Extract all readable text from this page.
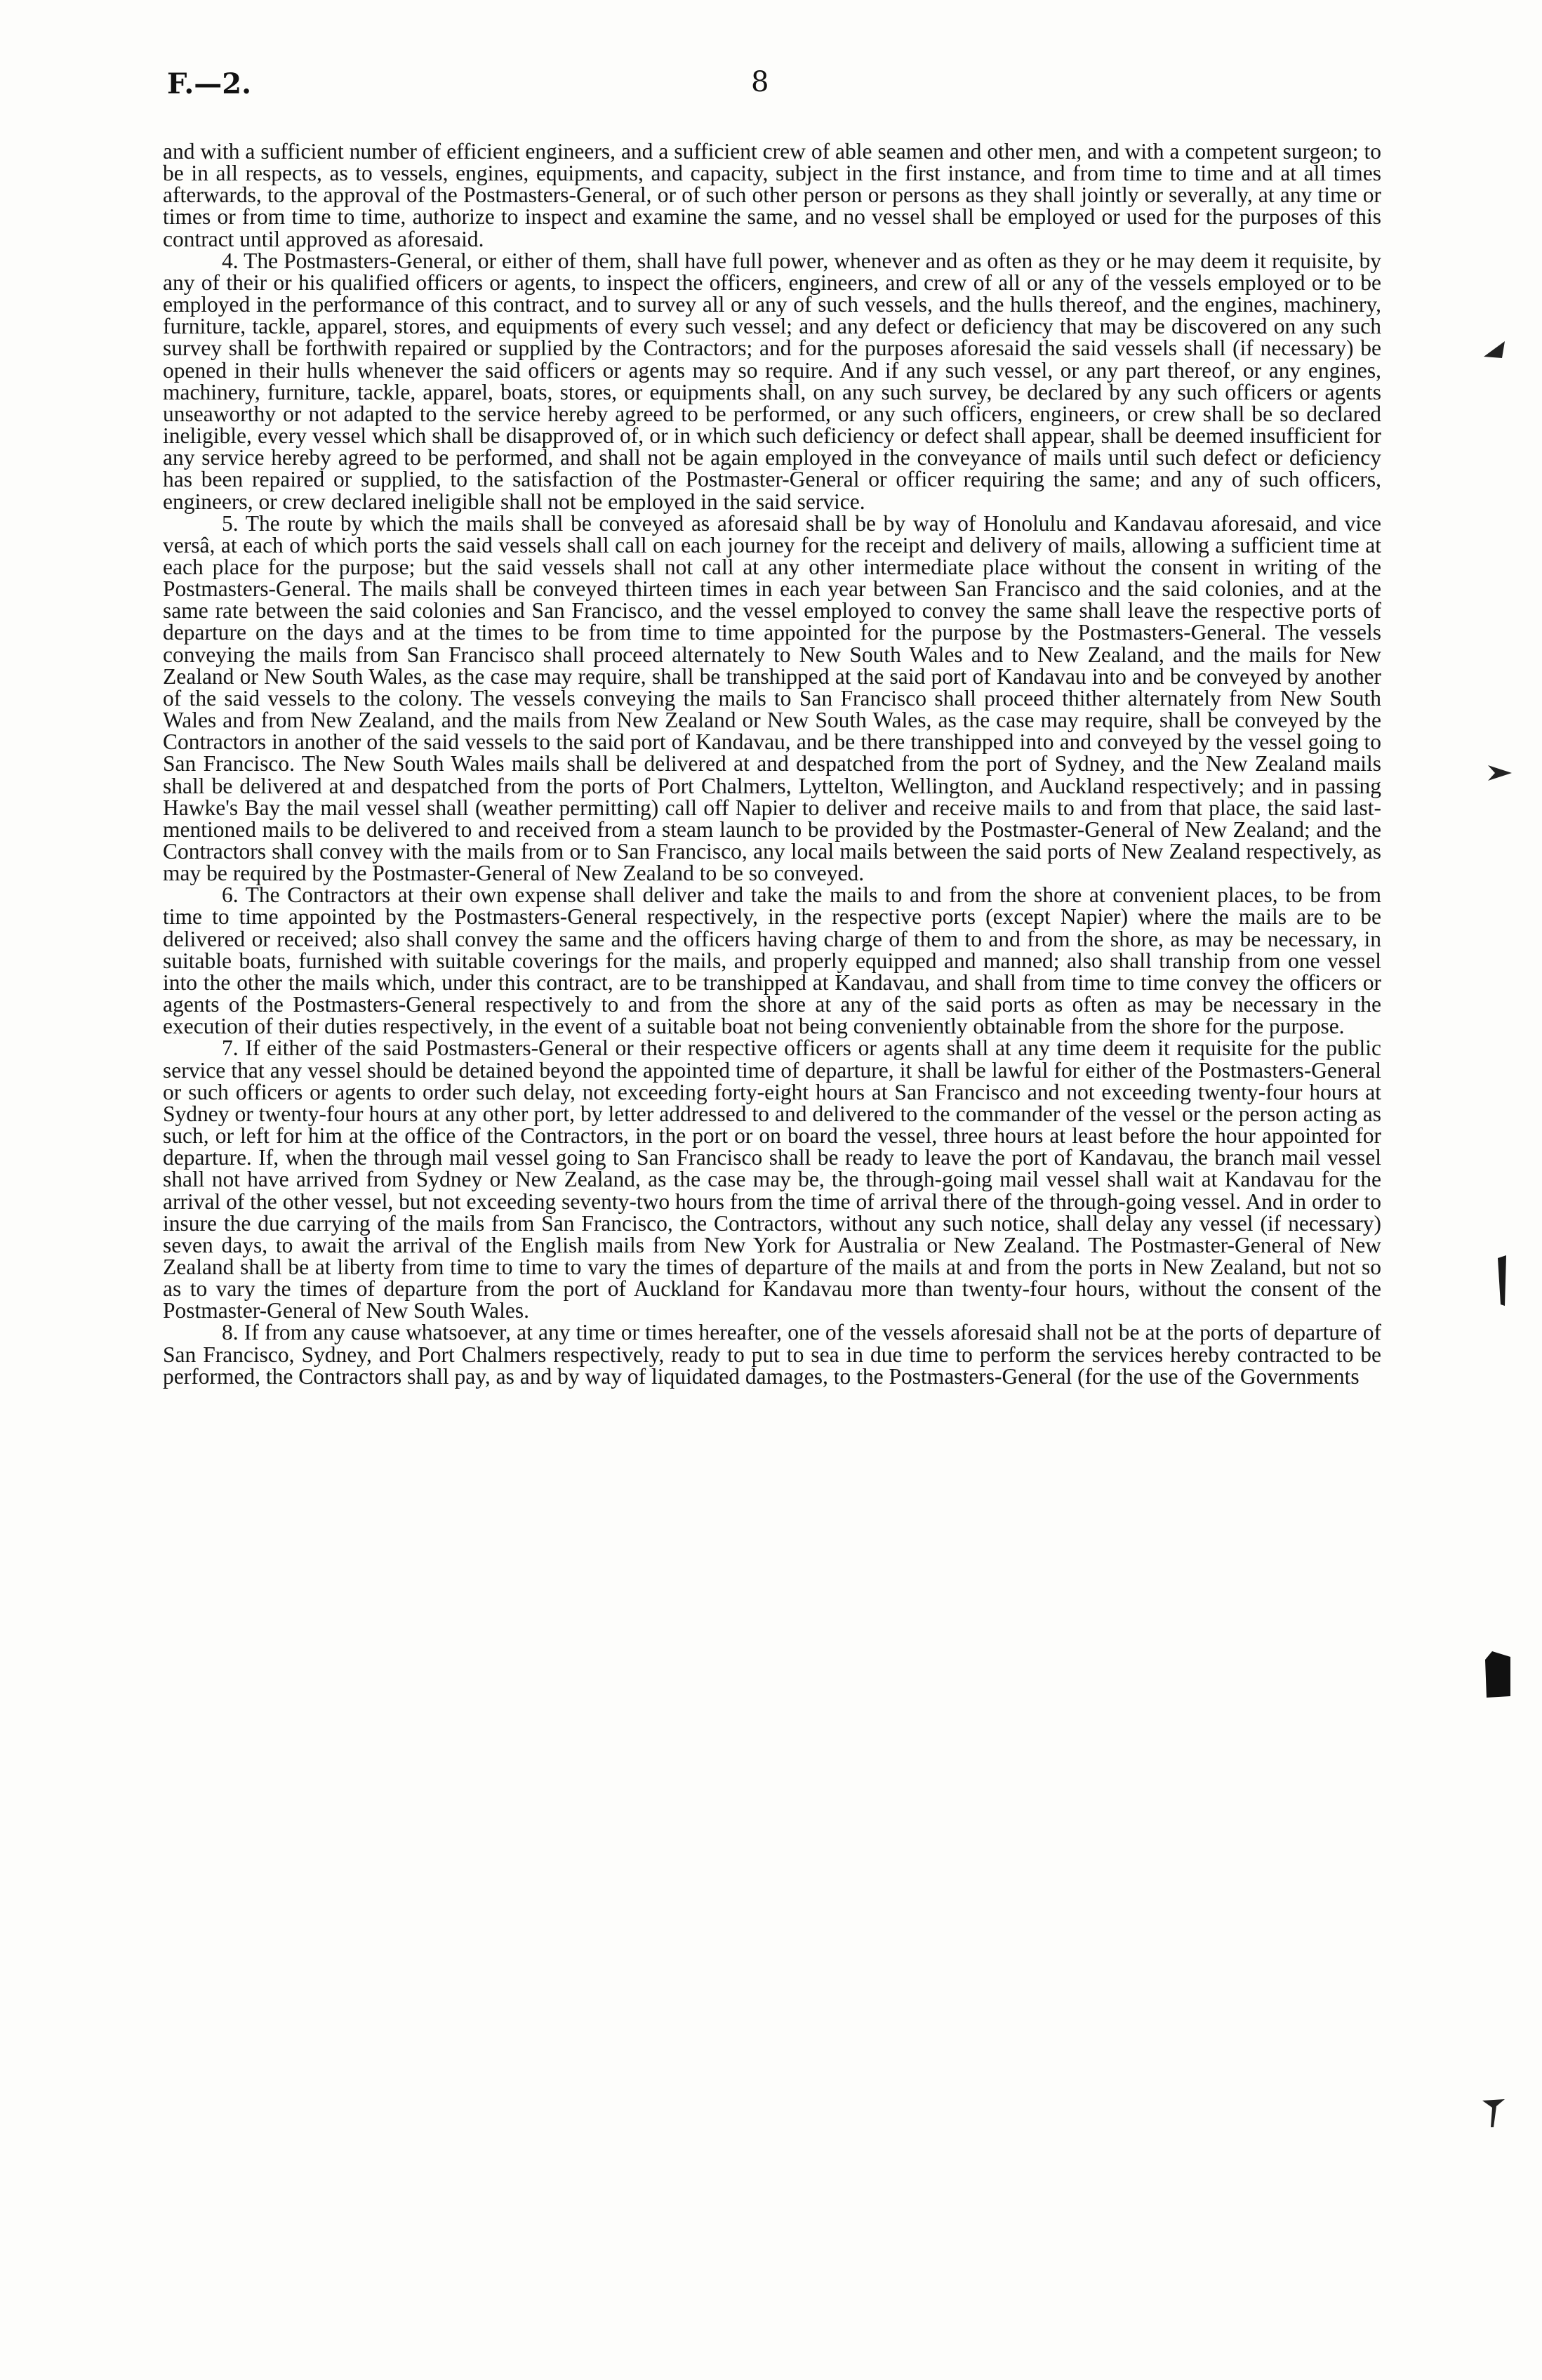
F.—2.	8

and with a sufficient number of efficient engineers, and a sufficient crew of able seamen and other men, and with a competent surgeon; to be in all respects, as to vessels, engines, equipments, and capacity, subject in the first instance, and from time to time and at all times afterwards, to the approval of the Postmasters-General, or of such other person or persons as they shall jointly or severally, at any time or times or from time to time, authorize to inspect and examine the same, and no vessel shall be employed or used for the purposes of this contract until approved as aforesaid.

4. The Postmasters-General, or either of them, shall have full power, whenever and as often as they or he may deem it requisite, by any of their or his qualified officers or agents, to inspect the officers, engineers, and crew of all or any of the vessels employed or to be employed in the performance of this contract, and to survey all or any of such vessels, and the hulls thereof, and the engines, machinery, furniture, tackle, apparel, stores, and equipments of every such vessel; and any defect or deficiency that may be discovered on any such survey shall be forthwith repaired or supplied by the Contractors; and for the purposes aforesaid the said vessels shall (if necessary) be opened in their hulls whenever the said officers or agents may so require. And if any such vessel, or any part thereof, or any engines, machinery, furniture, tackle, apparel, boats, stores, or equipments shall, on any such survey, be declared by any such officers or agents unseaworthy or not adapted to the service hereby agreed to be performed, or any such officers, engineers, or crew shall be so declared ineligible, every vessel which shall be disapproved of, or in which such deficiency or defect shall appear, shall be deemed insufficient for any service hereby agreed to be performed, and shall not be again employed in the conveyance of mails until such defect or deficiency has been repaired or supplied, to the satisfaction of the Postmaster-General or officer requiring the same; and any of such officers, engineers, or crew declared ineligible shall not be employed in the said service.

5. The route by which the mails shall be conveyed as aforesaid shall be by way of Honolulu and Kandavau aforesaid, and vice versâ, at each of which ports the said vessels shall call on each journey for the receipt and delivery of mails, allowing a sufficient time at each place for the purpose; but the said vessels shall not call at any other intermediate place without the consent in writing of the Postmasters-General. The mails shall be conveyed thirteen times in each year between San Francisco and the said colonies, and at the same rate between the said colonies and San Francisco, and the vessel employed to convey the same shall leave the respective ports of departure on the days and at the times to be from time to time appointed for the purpose by the Postmasters-General. The vessels conveying the mails from San Francisco shall proceed alternately to New South Wales and to New Zealand, and the mails for New Zealand or New South Wales, as the case may require, shall be transhipped at the said port of Kandavau into and be conveyed by another of the said vessels to the colony. The vessels conveying the mails to San Francisco shall proceed thither alternately from New South Wales and from New Zealand, and the mails from New Zealand or New South Wales, as the case may require, shall be conveyed by the Contractors in another of the said vessels to the said port of Kandavau, and be there transhipped into and conveyed by the vessel going to San Francisco. The New South Wales mails shall be delivered at and despatched from the port of Sydney, and the New Zealand mails shall be delivered at and despatched from the ports of Port Chalmers, Lyttelton, Wellington, and Auckland respectively; and in passing Hawke's Bay the mail vessel shall (weather permitting) call off Napier to deliver and receive mails to and from that place, the said last-mentioned mails to be delivered to and received from a steam launch to be provided by the Postmaster-General of New Zealand; and the Contractors shall convey with the mails from or to San Francisco, any local mails between the said ports of New Zealand respectively, as may be required by the Postmaster-General of New Zealand to be so conveyed.

6. The Contractors at their own expense shall deliver and take the mails to and from the shore at convenient places, to be from time to time appointed by the Postmasters-General respectively, in the respective ports (except Napier) where the mails are to be delivered or received; also shall convey the same and the officers having charge of them to and from the shore, as may be necessary, in suitable boats, furnished with suitable coverings for the mails, and properly equipped and manned; also shall tranship from one vessel into the other the mails which, under this contract, are to be transhipped at Kandavau, and shall from time to time convey the officers or agents of the Postmasters-General respectively to and from the shore at any of the said ports as often as may be necessary in the execution of their duties respectively, in the event of a suitable boat not being conveniently obtainable from the shore for the purpose.

7. If either of the said Postmasters-General or their respective officers or agents shall at any time deem it requisite for the public service that any vessel should be detained beyond the appointed time of departure, it shall be lawful for either of the Postmasters-General or such officers or agents to order such delay, not exceeding forty-eight hours at San Francisco and not exceeding twenty-four hours at Sydney or twenty-four hours at any other port, by letter addressed to and delivered to the commander of the vessel or the person acting as such, or left for him at the office of the Contractors, in the port or on board the vessel, three hours at least before the hour appointed for departure. If, when the through mail vessel going to San Francisco shall be ready to leave the port of Kandavau, the branch mail vessel shall not have arrived from Sydney or New Zealand, as the case may be, the through-going mail vessel shall wait at Kandavau for the arrival of the other vessel, but not exceeding seventy-two hours from the time of arrival there of the through-going vessel. And in order to insure the due carrying of the mails from San Francisco, the Contractors, without any such notice, shall delay any vessel (if necessary) seven days, to await the arrival of the English mails from New York for Australia or New Zealand. The Postmaster-General of New Zealand shall be at liberty from time to time to vary the times of departure of the mails at and from the ports in New Zealand, but not so as to vary the times of departure from the port of Auckland for Kandavau more than twenty-four hours, without the consent of the Postmaster-General of New South Wales.

8. If from any cause whatsoever, at any time or times hereafter, one of the vessels aforesaid shall not be at the ports of departure of San Francisco, Sydney, and Port Chalmers respectively, ready to put to sea in due time to perform the services hereby contracted to be performed, the Contractors shall pay, as and by way of liquidated damages, to the Postmasters-General (for the use of the Governments
